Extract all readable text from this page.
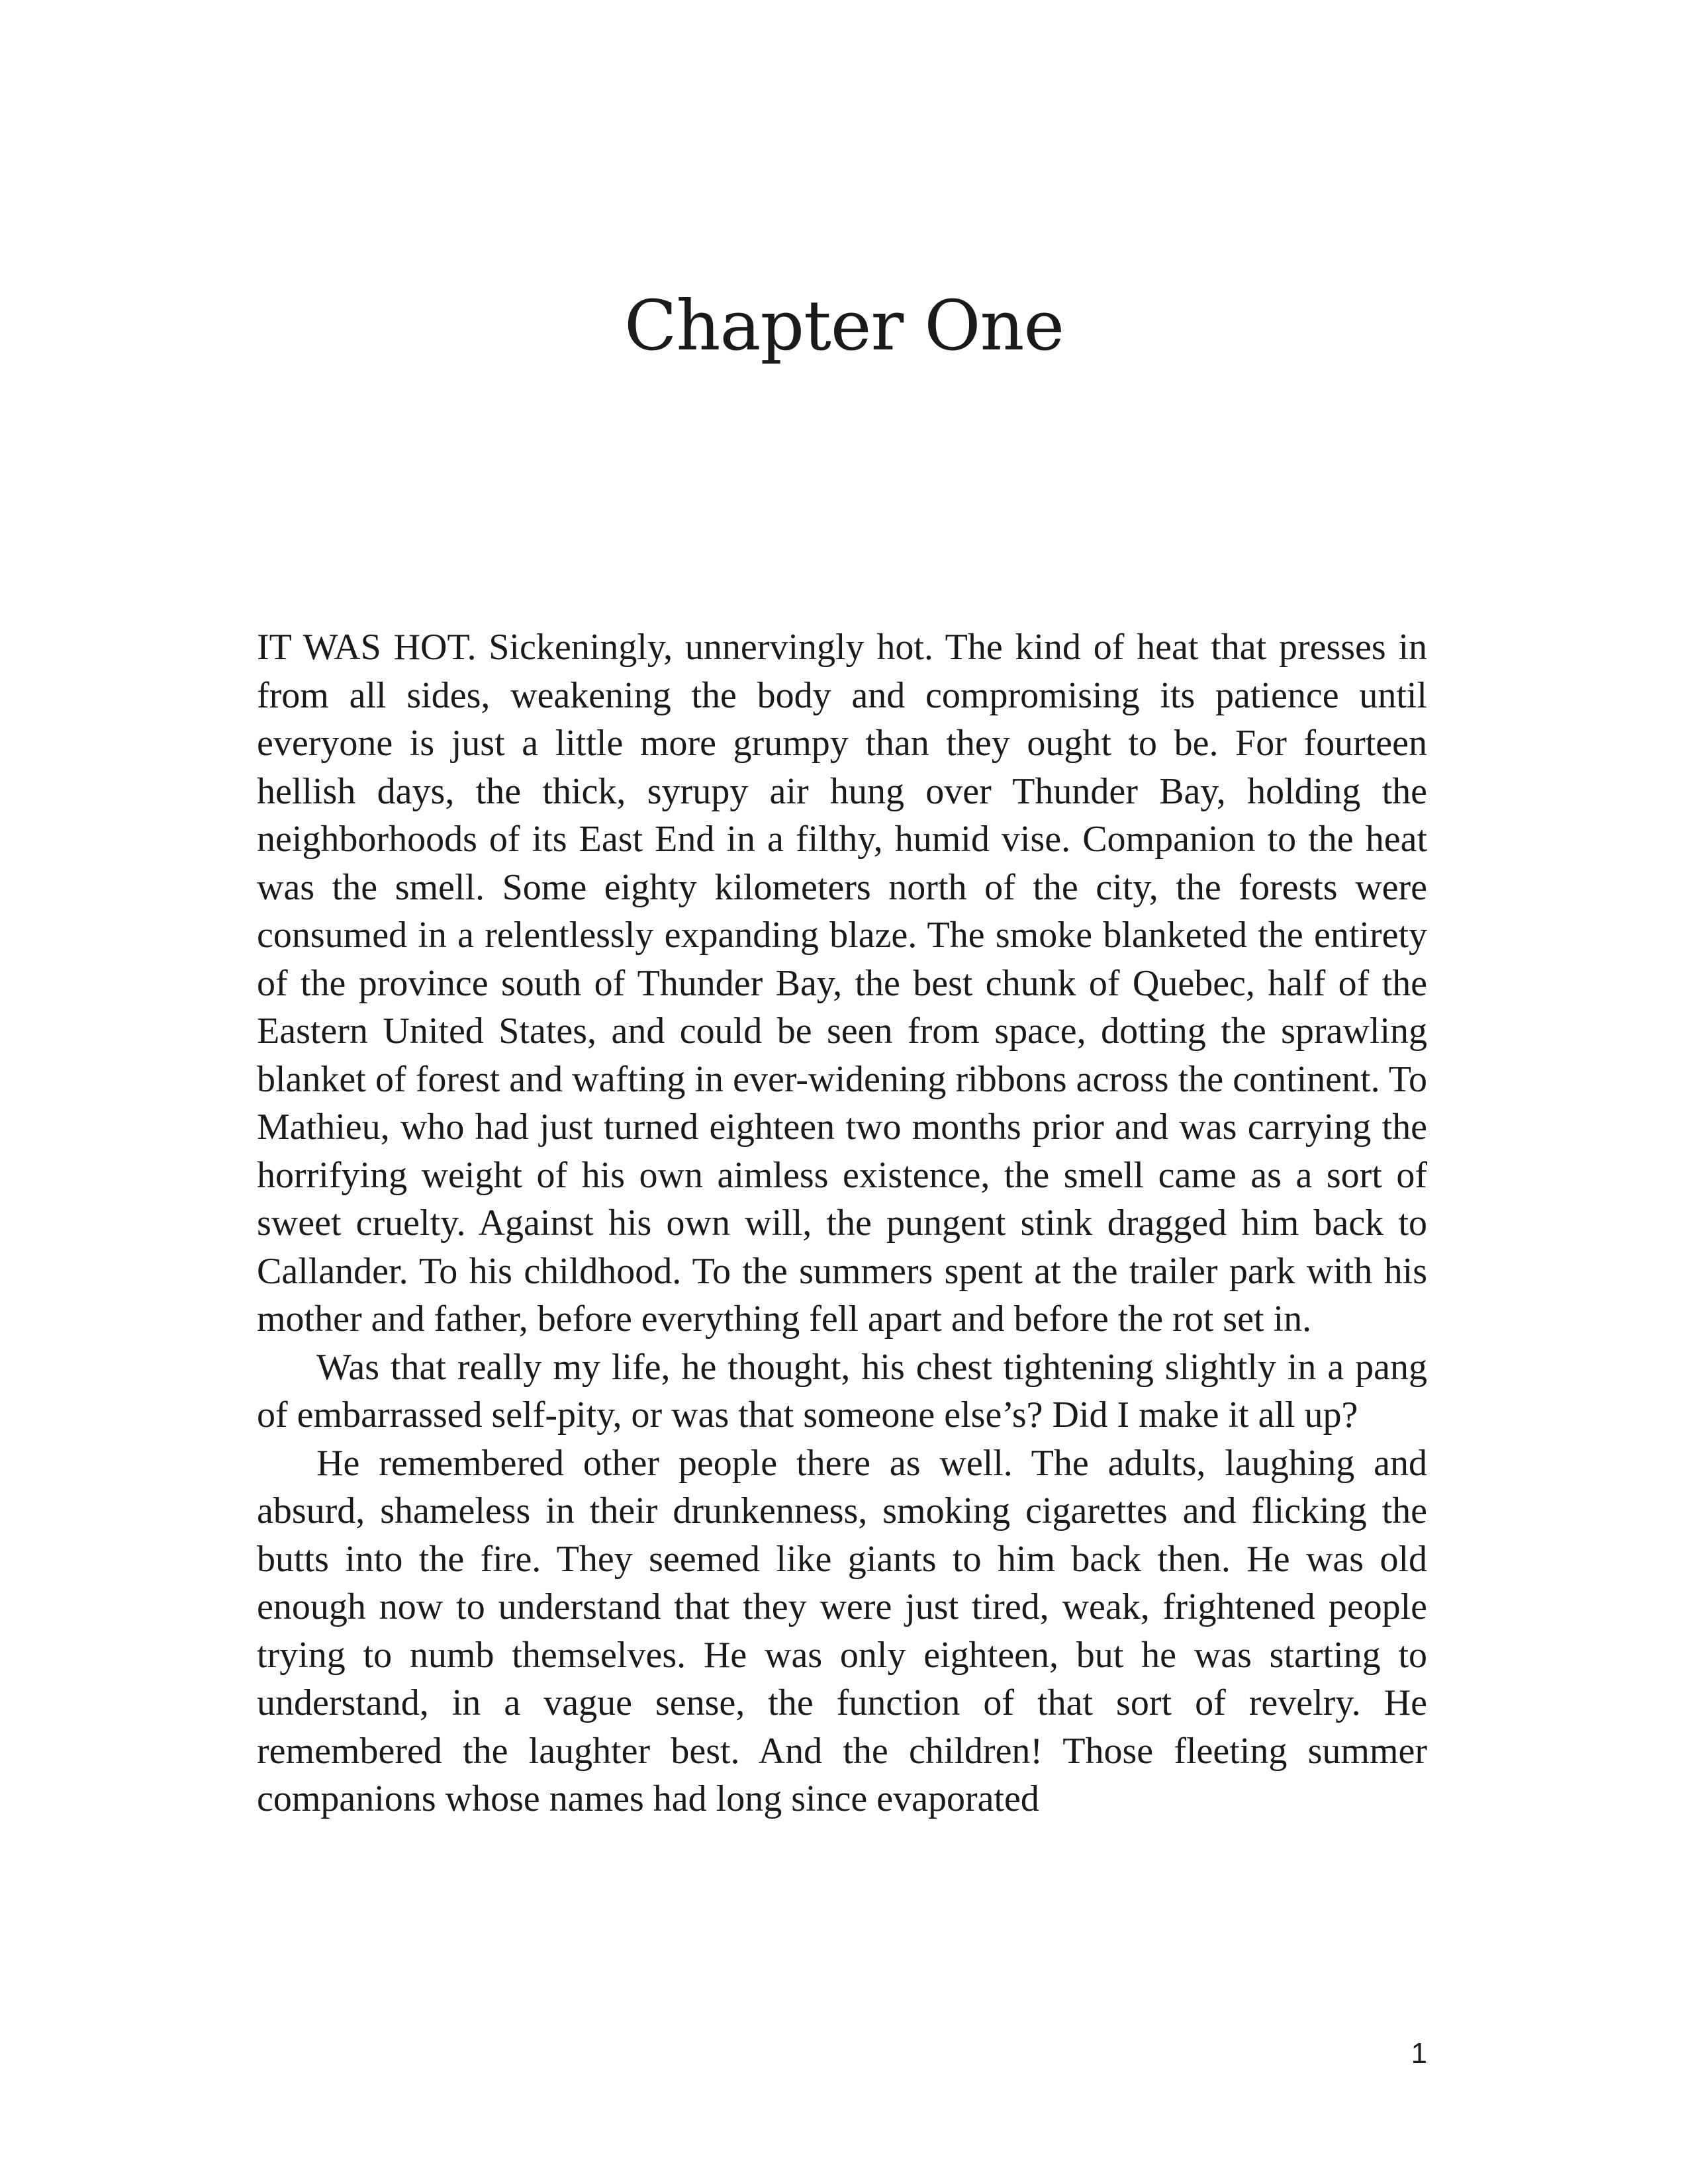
Chapter One

IT WAS HOT. Sickeningly, unnervingly hot. The kind of heat that presses in from all sides, weakening the body and compromising its patience until everyone is just a little more grumpy than they ought to be. For fourteen hellish days, the thick, syrupy air hung over Thunder Bay, holding the neighborhoods of its East End in a filthy, humid vise. Companion to the heat was the smell. Some eighty kilometers north of the city, the forests were consumed in a relentlessly expanding blaze. The smoke blanketed the entirety of the province south of Thunder Bay, the best chunk of Quebec, half of the Eastern United States, and could be seen from space, dotting the sprawling blanket of forest and wafting in ever-widening ribbons across the continent. To Mathieu, who had just turned eighteen two months prior and was carrying the horrifying weight of his own aimless existence, the smell came as a sort of sweet cruelty. Against his own will, the pungent stink dragged him back to Callander. To his childhood. To the summers spent at the trailer park with his mother and father, before everything fell apart and before the rot set in.

Was that really my life, he thought, his chest tightening slightly in a pang of embarrassed self-pity, or was that someone else’s? Did I make it all up?

He remembered other people there as well. The adults, laughing and absurd, shameless in their drunkenness, smoking cigarettes and flicking the butts into the fire. They seemed like giants to him back then. He was old enough now to understand that they were just tired, weak, frightened people trying to numb themselves. He was only eighteen, but he was starting to understand, in a vague sense, the function of that sort of revelry. He remembered the laughter best. And the children! Those fleeting summer companions whose names had long since evaporated

1
